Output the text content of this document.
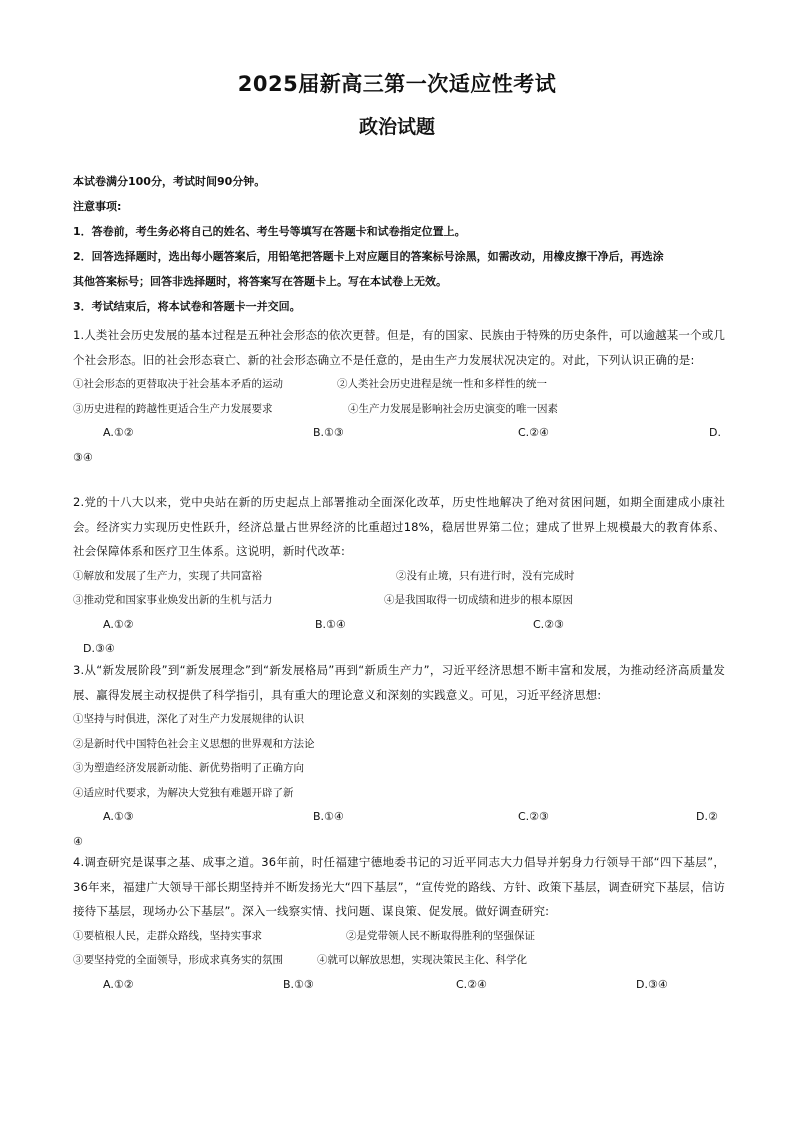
2025届新高三第一次适应性考试
政治试题
本试卷满分100分，考试时间90分钟。
注意事项:
1．答卷前，考生务必将自己的姓名、考生号等填写在答题卡和试卷指定位置上。
2．回答选择题时，选出每小题答案后，用铅笔把答题卡上对应题目的答案标号涂黑，如需改动，用橡皮擦干净后，再选涂
其他答案标号；回答非选择题时，将答案写在答题卡上。写在本试卷上无效。
3．考试结束后，将本试卷和答题卡一并交回。
1.人类社会历史发展的基本过程是五种社会形态的依次更替。但是，有的国家、民族由于特殊的历史条件，可以逾越某一个或几个社会形态。旧的社会形态衰亡、新的社会形态确立不是任意的，是由生产力发展状况决定的。对此，下列认识正确的是:
①社会形态的更替取决于社会基本矛盾的运动	②人类社会历史进程是统一性和多样性的统一
③历史进程的跨越性更适合生产力发展要求	④生产力发展是影响社会历史演变的唯一因素
A.①②	B.①③	C.②④	D.
③④
2.党的十八大以来，党中央站在新的历史起点上部署推动全面深化改革，历史性地解决了绝对贫困问题，如期全面建成小康社会。经济实力实现历史性跃升，经济总量占世界经济的比重超过18%，稳居世界第二位；建成了世界上规模最大的教育体系、社会保障体系和医疗卫生体系。这说明，新时代改革:
①解放和发展了生产力，实现了共同富裕	②没有止境，只有进行时，没有完成时
③推动党和国家事业焕发出新的生机与活力	④是我国取得一切成绩和进步的根本原因
A.①②	B.①④	C.②③
D.③④
3.从“新发展阶段”到“新发展理念”到“新发展格局”再到“新质生产力”，习近平经济思想不断丰富和发展，为推动经济高质量发展、赢得发展主动权提供了科学指引，具有重大的理论意义和深刻的实践意义。可见，习近平经济思想:
①坚持与时俱进，深化了对生产力发展规律的认识
②是新时代中国特色社会主义思想的世界观和方法论
③为塑造经济发展新动能、新优势指明了正确方向
④适应时代要求，为解决大党独有难题开辟了新
A.①③	B.①④	C.②③	D.②
④
4.调查研究是谋事之基、成事之道。36年前，时任福建宁德地委书记的习近平同志大力倡导并躬身力行领导干部“四下基层”，36年来，福建广大领导干部长期坚持并不断发扬光大“四下基层”，“宣传党的路线、方针、政策下基层，调查研究下基层，信访接待下基层，现场办公下基层”。深入一线察实情、找问题、谋良策、促发展。做好调查研究:
①要植根人民，走群众路线，坚持实事求	②是党带领人民不断取得胜利的坚强保证
③要坚持党的全面领导，形成求真务实的氛围	④就可以解放思想，实现决策民主化、科学化
A.①②	B.①③	C.②④	D.③④
